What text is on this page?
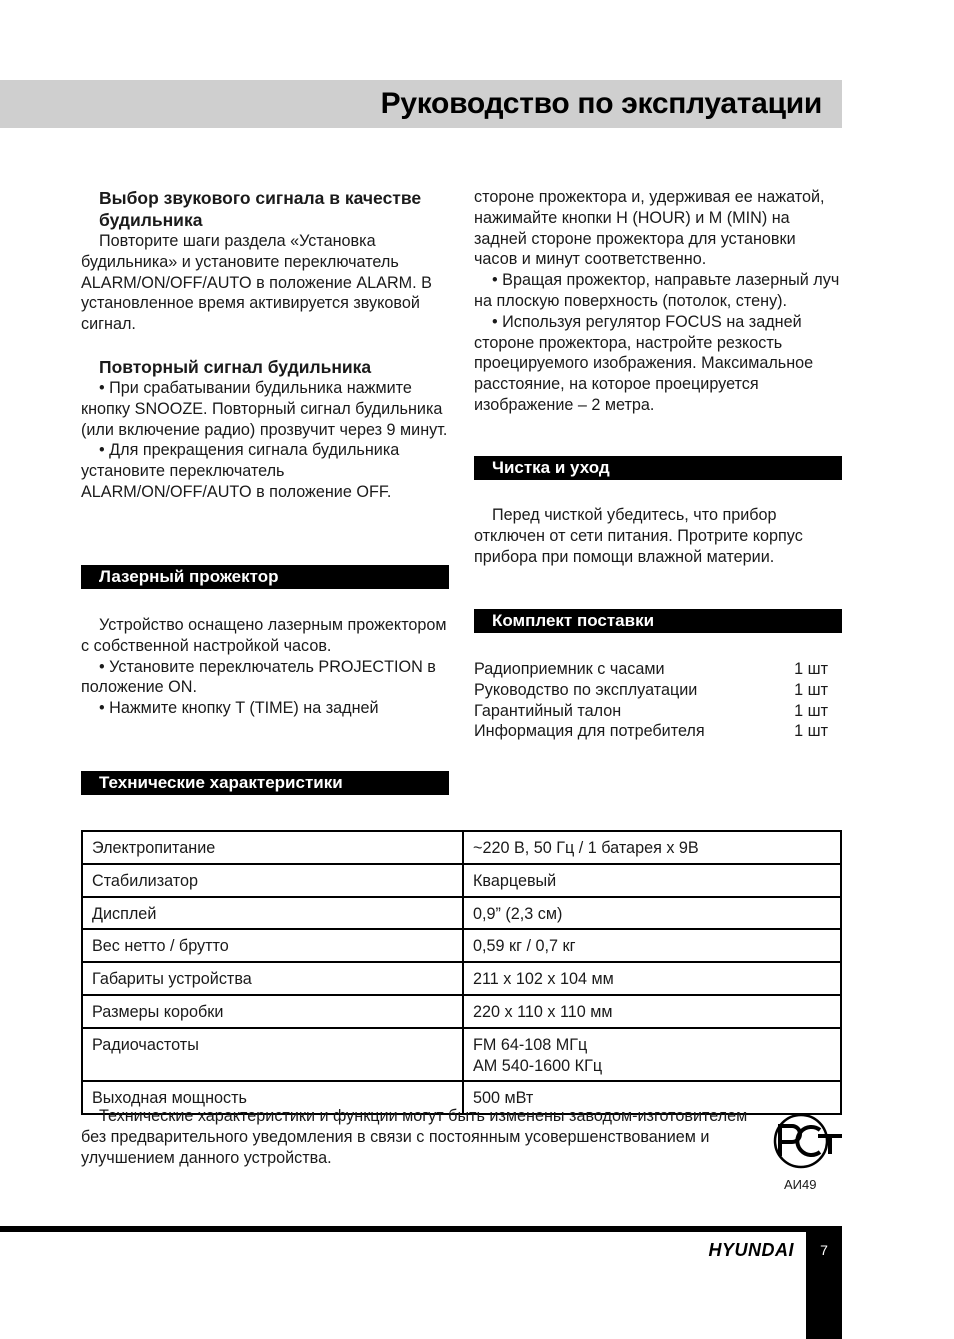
Руководство по эксплуатации

Выбор звукового сигнала в качестве будильника

Повторите шаги раздела «Установка будильника» и установите переключатель ALARM/ON/OFF/AUTO в положение ALARM. В установленное время активируется звуковой сигнал.

Повторный сигнал будильника

• При срабатывании будильника нажмите кнопку SNOOZE. Повторный сигнал будильника (или включение радио) прозвучит через 9 минут.

• Для прекращения сигнала будильника установите переключатель ALARM/ON/OFF/AUTO в положение OFF.

Лазерный прожектор

Устройство оснащено лазерным прожектором с собственной настройкой часов.

• Установите переключатель PROJECTION в положение ON.

• Нажмите кнопку T (TIME) на задней

Технические характеристики

стороне прожектора и, удерживая ее нажатой, нажимайте кнопки H (HOUR) и M (MIN) на задней стороне прожектора для установки часов и минут соответственно.

• Вращая прожектор, направьте лазерный луч на плоскую поверхность (потолок, стену).

• Используя регулятор FOCUS на задней стороне прожектора, настройте резкость проецируемого изображения. Максимальное расстояние, на которое проецируется изображение – 2 метра.

Чистка и уход

Перед чисткой убедитесь, что прибор отключен от сети питания. Протрите корпус прибора при помощи влажной материи.

Комплект поставки
Радиоприемник с часами	1 шт
Руководство по эксплуатации	1 шт
Гарантийный талон	1 шт
Информация для потребителя	1 шт
Электропитание	~220 В, 50 Гц / 1 батарея х 9В
Стабилизатор	Кварцевый
Дисплей	0,9” (2,3 см)
Вес нетто / брутто	0,59 кг / 0,7 кг
Габариты устройства	211 х 102 х 104 мм
Размеры коробки	220 х 110 х 110 мм
Радиочастоты	FM 64-108 МГц
AM 540-1600 КГц

Выходная мощность	500 мВт

Технические характеристики и функции могут быть изменены заводом-изготовителем без предварительного уведомления в связи с постоянным усовершенствованием и улучшением данного устройства.

АИ49
HYUNDAI	7
